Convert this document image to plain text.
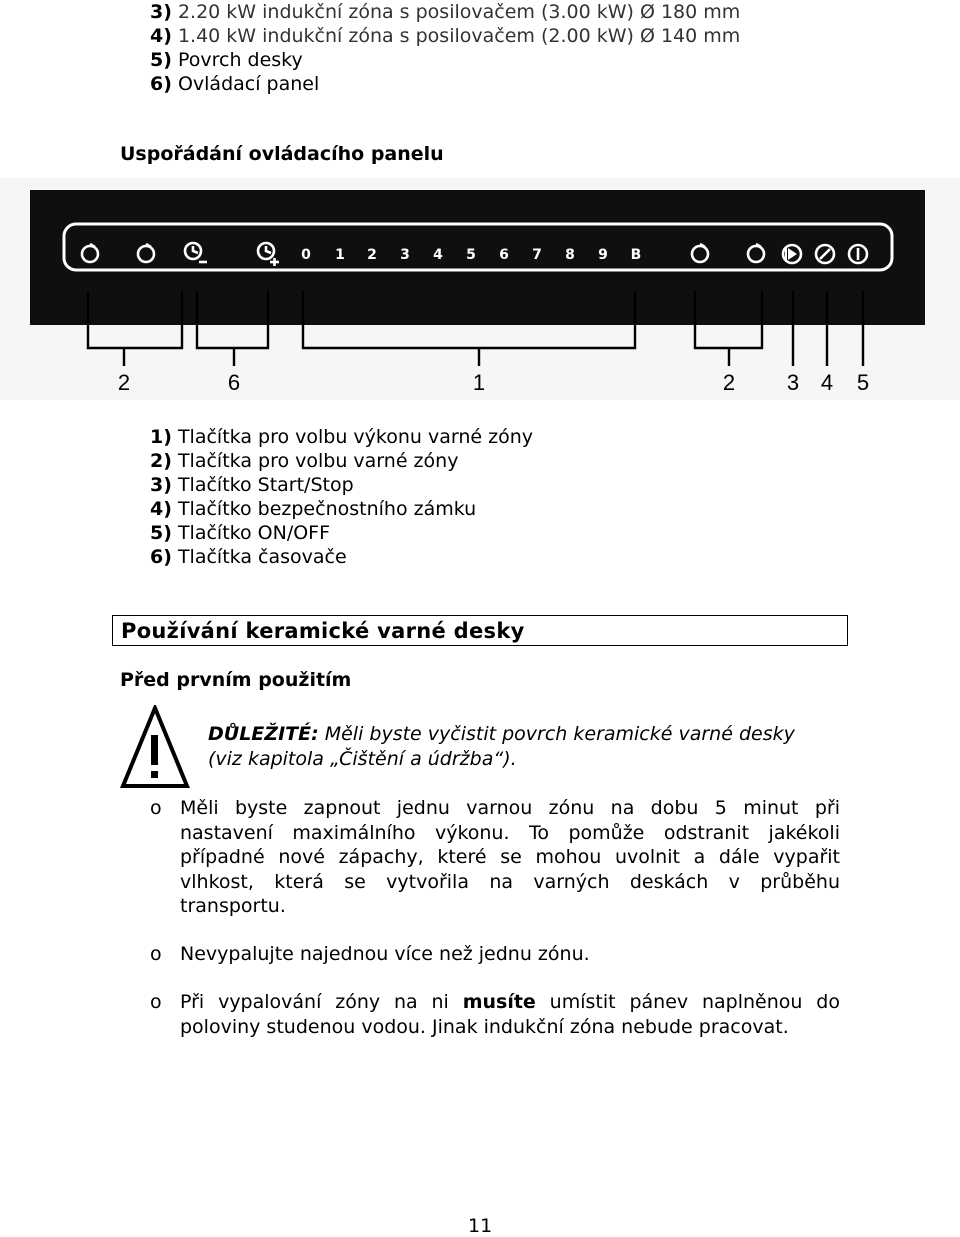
3) 2.20 kW indukční zóna s posilovačem (3.00 kW) Ø 180 mm
4) 1.40 kW indukční zóna s posilovačem (2.00 kW) Ø 140 mm
5) Povrch desky
6) Ovládací panel
Uspořádání ovládacího panelu
0 1 2 3 4 5 6 7 8 9 B
2	6	1	2 3 4 5
1) Tlačítka pro volbu výkonu varné zóny
2) Tlačítka pro volbu varné zóny
3) Tlačítko Start/Stop
4) Tlačítko bezpečnostního zámku
5) Tlačítko ON/OFF
6) Tlačítka časovače
Používání keramické varné desky
Před prvním použitím
DŮLEŽITÉ: Měli byste vyčistit povrch keramické varné desky
(viz kapitola „Čištění a údržba“).
o Měli byste zapnout jednu varnou zónu na dobu 5 minut při
nastavení maximálního výkonu. To pomůže odstranit jakékoli
případné nové zápachy, které se mohou uvolnit a dále vypařit
vlhkost, která se vytvořila na varných deskách v průběhu
transportu.
o Nevypalujte najednou více než jednu zónu.
o Při vypalování zóny na ni musíte umístit pánev naplněnou do
poloviny studenou vodou. Jinak indukční zóna nebude pracovat.
11
